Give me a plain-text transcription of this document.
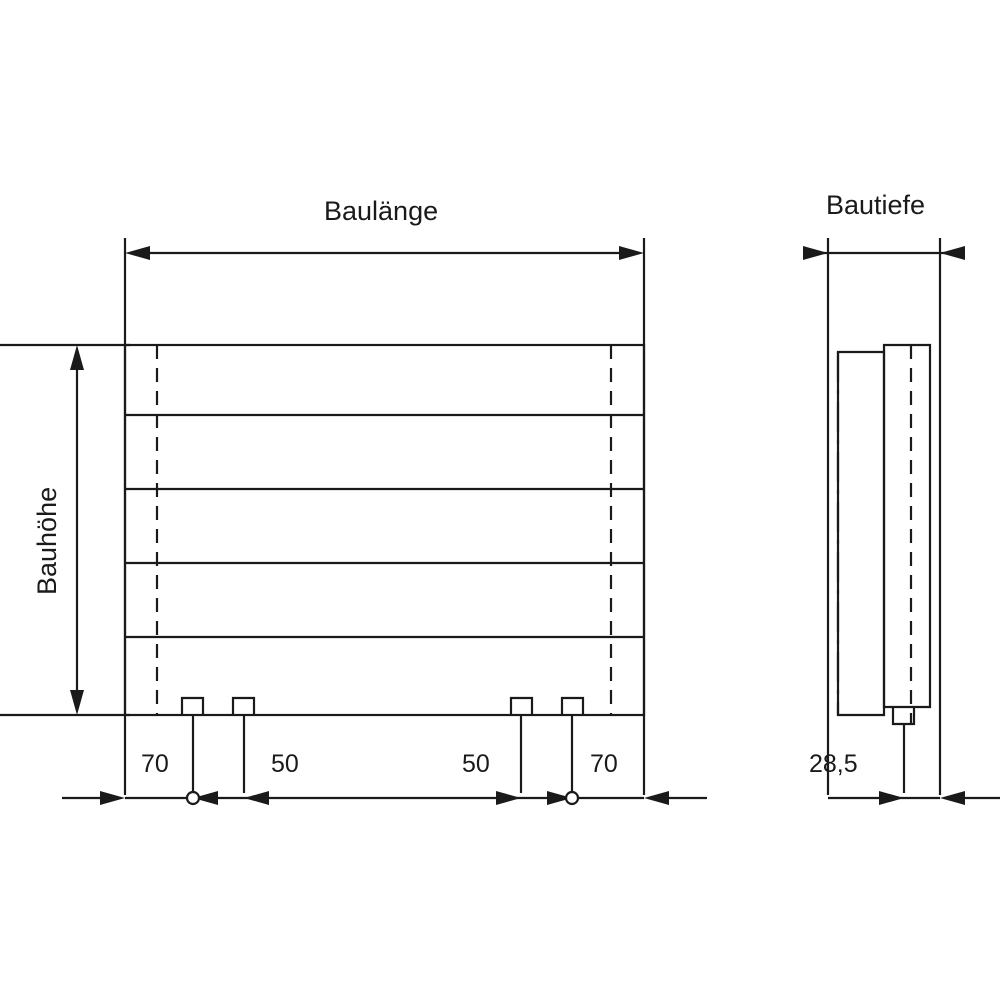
Baulänge
Bauhöhe
Bautiefe
70	50	50	70	28,5
